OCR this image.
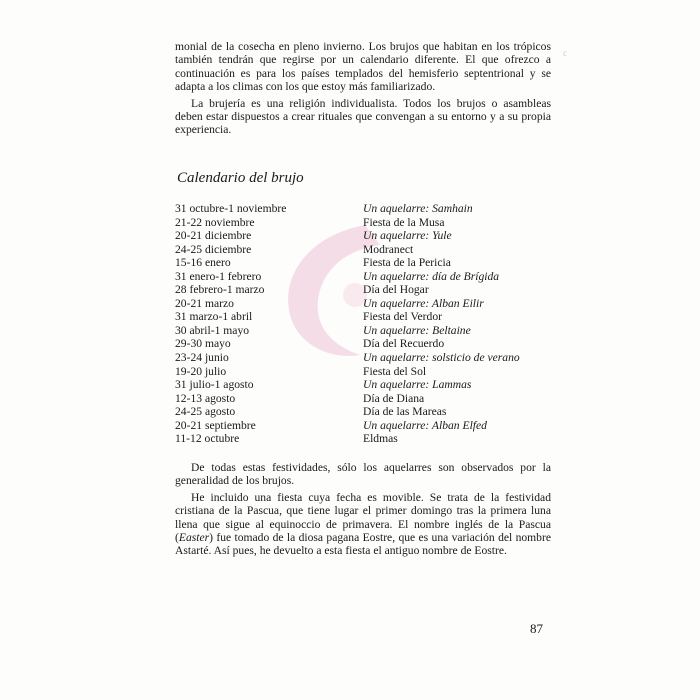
c

monial de la cosecha en pleno invierno. Los brujos que habitan en los trópicos también tendrán que regirse por un calendario diferente. El que ofrezco a continuación es para los países templados del hemisferio septentrional y se adapta a los climas con los que estoy más familiarizado.

La brujería es una religión individualista. Todos los brujos o asambleas deben estar dispuestos a crear rituales que convengan a su entorno y a su propia experiencia.

Calendario del brujo
31 octubre-1 noviembre	Un aquelarre: Samhain
21-22 noviembre	Fiesta de la Musa
20-21 diciembre	Un aquelarre: Yule
24-25 diciembre	Modranect
15-16 enero	Fiesta de la Pericia
31 enero-1 febrero	Un aquelarre: día de Brígida
28 febrero-1 marzo	Día del Hogar
20-21 marzo	Un aquelarre: Alban Eilir
31 marzo-1 abril	Fiesta del Verdor
30 abril-1 mayo	Un aquelarre: Beltaine
29-30 mayo	Día del Recuerdo
23-24 junio	Un aquelarre: solsticio de verano
19-20 julio	Fiesta del Sol
31 julio-1 agosto	Un aquelarre: Lammas
12-13 agosto	Día de Diana
24-25 agosto	Día de las Mareas
20-21 septiembre	Un aquelarre: Alban Elfed
11-12 octubre	Eldmas

De todas estas festividades, sólo los aquelarres son observados por la generalidad de los brujos.

He incluido una fiesta cuya fecha es movible. Se trata de la festividad cristiana de la Pascua, que tiene lugar el primer domingo tras la primera luna llena que sigue al equinoccio de primavera. El nombre inglés de la Pascua (Easter) fue tomado de la diosa pagana Eostre, que es una variación del nombre Astarté. Así pues, he devuelto a esta fiesta el antiguo nombre de Eostre.

87
